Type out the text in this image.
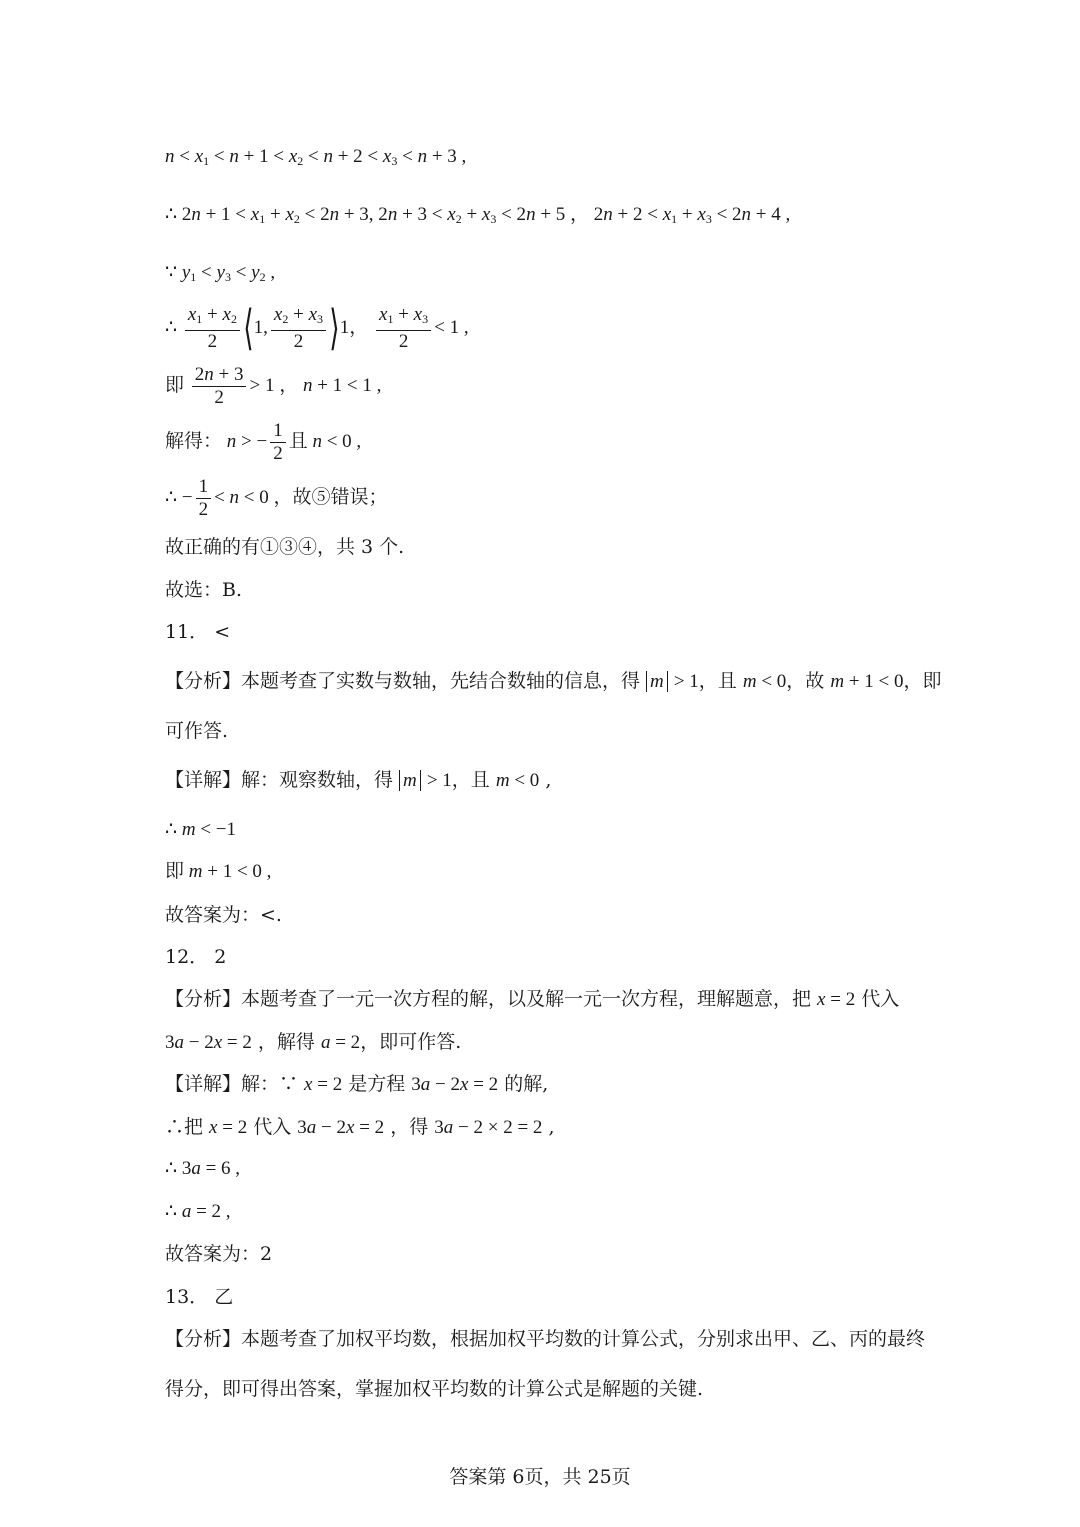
$n < x_1 < n + 1 < x_2 < n + 2 < x_3 < n + 3$ ,
∴ $2n + 1 < x_1 + x_2 < 2n + 3$, $2n + 3 < x_2 + x_3 < 2n + 5$ ， $2n + 2 < x_1 + x_3 < 2n + 4$ ,
∵ $y_1 < y_3 < y_2$ ,
∴ $\frac{x_1 + x_2}{2}$ ⟨1, $\frac{x_2 + x_3}{2}$ ⟩1， $\frac{x_1 + x_3}{2} < 1$ ,
即 $\frac{2n + 3}{2} > 1$ ， n + 1 < 1 ,
解得： n > − $\frac{1}{2}$ 且 n < 0 ,
∴ − $\frac{1}{2} < n < 0$ ，故⑤错误；
故正确的有①③④，共 3 个.
故选：B.
11． <
【分析】本题考查了实数与数轴，先结合数轴的信息，得 m > 1，且 m < 0，故 m + 1 < 0，即
可作答.
【详解】解：观察数轴，得 m > 1，且 m < 0 ,
∴ m < −1
即 m + 1 < 0 ,
故答案为：<.
12． 2
【分析】本题考查了一元一次方程的解，以及解一元一次方程，理解题意，把 x = 2 代入
3a − 2x = 2 ，解得 a = 2，即可作答.
【详解】解：∵ x = 2 是方程 3a − 2x = 2 的解,
∴把 x = 2 代入 3a − 2x = 2 ，得 3a − 2 × 2 = 2 ,
∴ 3a = 6 ,
∴ a = 2 ,
故答案为：2
13． 乙
【分析】本题考查了加权平均数，根据加权平均数的计算公式，分别求出甲、乙、丙的最终
得分，即可得出答案，掌握加权平均数的计算公式是解题的关键.
答案第 6页，共 25页
